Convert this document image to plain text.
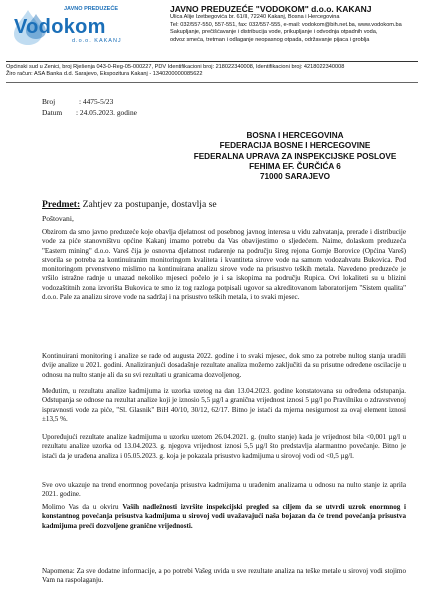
JAVNO PREDUZEĆE
Vodokom
d.o.o. KAKANJ
JAVNO PREDUZEĆE "VODOKOM" d.o.o. KAKANJ
Ulica Alije Izetbegovića br. 61/II, 72240 Kakanj, Bosna i Hercegovina
Tel: 032/557-550, 557-551, fax: 032/557-555, e-mail: vodokom@bih.net.ba, www.vodokom.ba
Sakupljanje, prečišćavanje i distribucija vode, prikupljanje i odvodnja otpadnih voda,
odvoz smeća, tretman i odlaganje neopasnog otpada, održavanje pijaca i groblja
Općinski sud u Zenici, broj Rješenja 043-0-Reg-05-000227, PDV Identifikacioni broj: 218022340008, Identifikacioni broj: 4218022340008
Žiro račun: ASA Banka d.d. Sarajevo, Ekspozitura Kakanj - 1340200000085622
Broj	: 4475-5/23
Datum : 24.05.2023. godine
BOSNA I HERCEGOVINA
FEDERACIJA BOSNE I HERCEGOVINE
FEDERALNA UPRAVA ZA INSPEKCIJSKE POSLOVE
FEHIMA EF. ČURČIĆA 6
71000 SARAJEVO
Predmet: Zahtjev za postupanje, dostavlja se
Poštovani,
Obzirom da smo javno preduzeće koje obavlja djelatnost od posebnog javnog interesa u vidu zahvatanja, prerade i distribucije vode za piće stanovništvu općine Kakanj imamo potrebu da Vas obavijestimo o sljedećem. Naime, dolaskom preduzeća "Eastern mining" d.o.o. Vareš čija je osnovna djelatnost rudarenje na području šireg rejona Gornje Borovice (Općina Vareš) stvorila se potreba za kontinuiranim monitoringom kvaliteta i kvantiteta sirove vode na samom vodozahvatu Bukovica. Pod monitoringom prvenstveno mislimo na kontinuirana analizu sirove vode na prisustvo teških metala. Navedeno preduzeće je vršilo istražne radnje u unazad nekoliko mjeseci počelo je i sa iskopima na području Rupica. Ovi lokaliteti su u blizini vodozaštitnih zona izvorišta Bukovica te smo iz tog razloga potpisali ugovor sa akreditovanom laboratorijem "Sistem qualita" d.o.o. Pale za analizu sirove vode na sadržaj i na prisustvo teških metala, i to svaki mjesec.
Kontinuirani monitoring i analize se rade od augusta 2022. godine i to svaki mjesec, dok smo za potrebe nultog stanja uradili dvije analize u 2021. godini. Analiziranjući dosadašnje rezultate analiza možemo zaključiti da su prisutne određene oscilacije u odnosu na nulto stanje ali da su svi rezultati u granicama dozvoljenog.
Međutim, u rezultatu analize kadmijuma iz uzorka uzetog na dan 13.04.2023. godine konstatovana su određena odstupanja. Odstupanja se odnose na rezultat analize koji je iznosio 5,5 µg/l a granična vrijednost iznosi 5 µg/l po Pravilniku o zdravstvenoj ispravnosti vode za piće, "Sl. Glasnik" BiH 40/10, 30/12, 62/17. Bitno je istaći da mjerna nesigurnost za ovaj element iznosi ±13,5 %.
Upoređujući rezultate analize kadmijuma u uzorku uzetom 26.04.2021. g. (nulto stanje) kada je vrijednost bila <0,001 µg/l u rezultatu analize uzorka od 13.04.2023. g. njegova vrijednost iznosi 5,5 µg/l što predstavlja alarmantno povećanje. Bitno je istaći da je urađena analiza i 05.05.2023. g. koja je pokazala prisustvo kadmijuma u sirovoj vodi od <0,5 µg/l.
Sve ovo ukazuje na trend enormnog povećanja prisustva kadmijuma u urađenim analizama u odnosu na nulto stanje iz aprila 2021. godine.
Molimo Vas da u okviru Vaših nadležnosti izvršite inspekcijski pregled sa ciljem da se utvrdi uzrok enormnog i konstantnog povećanja prisustva kadmijuma u sirovoj vodi uvažavajući naša bojazan da će trend povećanja prisustva kadmijuma preći dozvoljene granične vrijednosti.
Napomena: Za sve dodatne informacije, a po potrebi Vašeg uvida u sve rezultate analiza na teške metale u sirovoj vodi stojimo Vam na raspolaganju.
